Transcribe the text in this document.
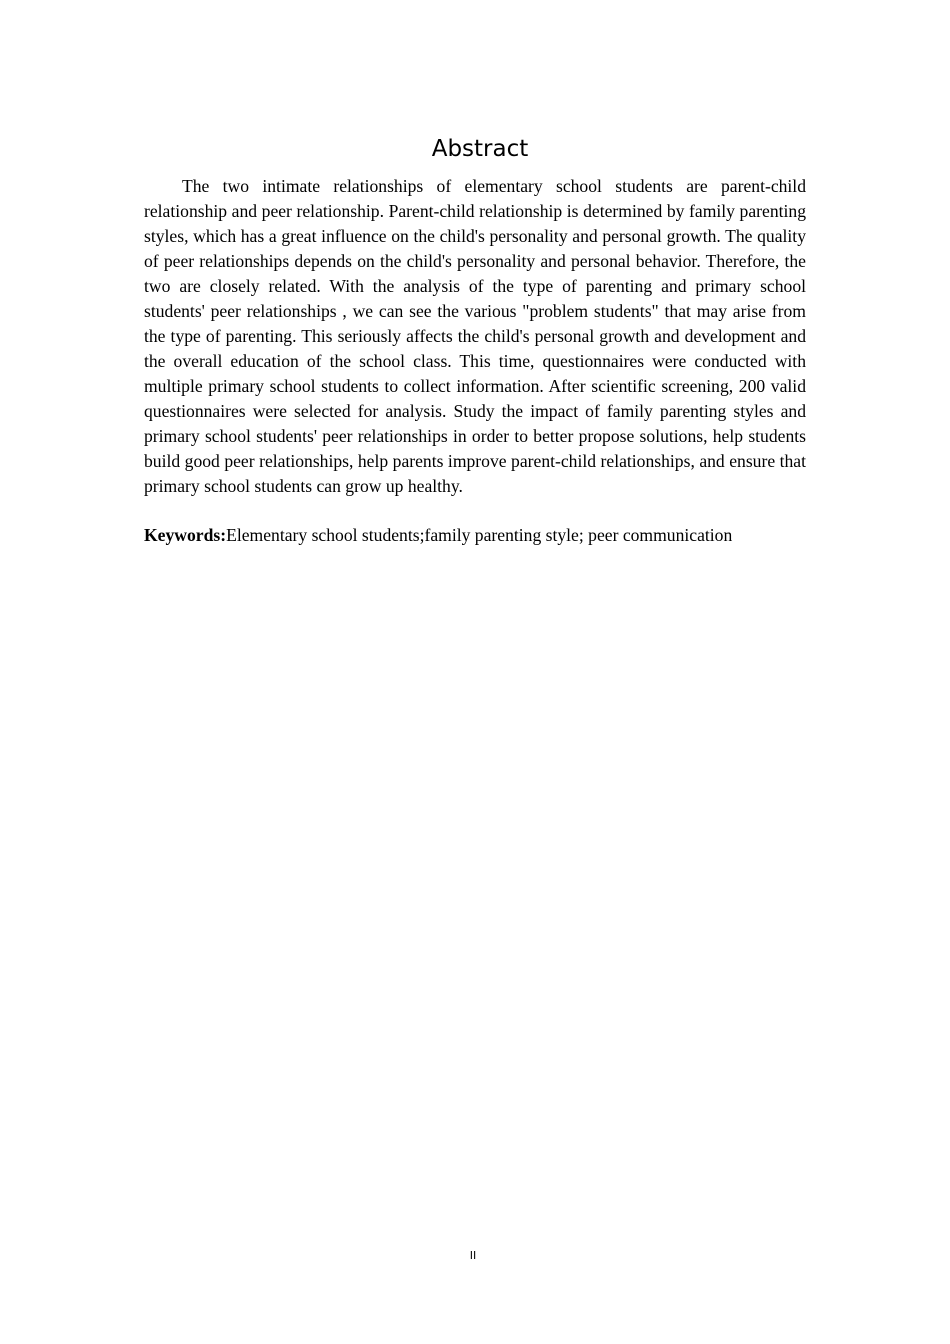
Abstract

The two intimate relationships of elementary school students are parent-child relationship and peer relationship. Parent-child relationship is determined by family parenting styles, which has a great influence on the child's personality and personal growth. The quality of peer relationships depends on the child's personality and personal behavior. Therefore, the two are closely related. With the analysis of the type of parenting and primary school students' peer relationships , we can see the various "problem students" that may arise from the type of parenting. This seriously affects the child's personal growth and development and the overall education of the school class. This time, questionnaires were conducted with multiple primary school students to collect information. After scientific screening, 200 valid questionnaires were selected for analysis. Study the impact of family parenting styles and primary school students' peer relationships in order to better propose solutions, help students build good peer relationships, help parents improve parent-child relationships, and ensure that primary school students can grow up healthy.

Keywords:Elementary school students;family parenting style; peer communication

II
